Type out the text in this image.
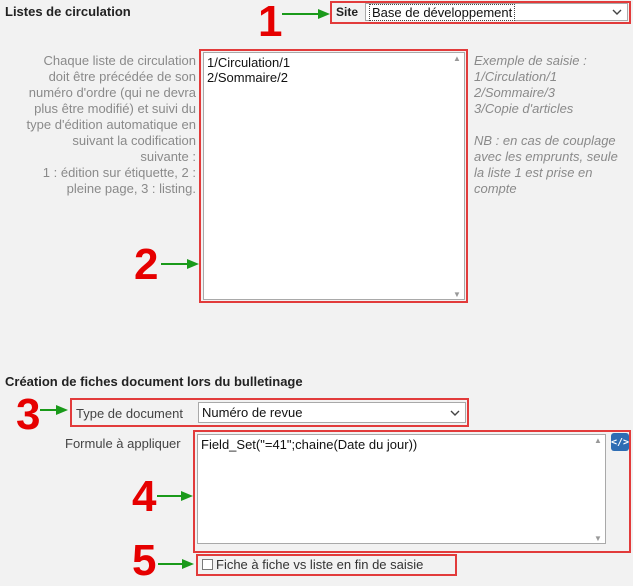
Listes de circulation	1	Site Base de développement
Chaque liste de circulation
doit être précédée de son
numéro d'ordre (qui ne devra
plus être modifié) et suivi du
type d'édition automatique en
suivant la codification
suivante :
1 : édition sur étiquette, 2 :
pleine page, 3 : listing.
1/Circulation/1
2/Sommaire/2
▲
▼
Exemple de saisie :
1/Circulation/1
2/Sommaire/3
3/Copie d'articles
NB : en cas de couplage
avec les emprunts, seule
la liste 1 est prise en
compte
2
Création de fiches document lors du bulletinage
3	Type de document Numéro de revue
Formule à appliquer Field_Set("=41";chaine(Date du jour))	▲
▼
</>
4
5	Fiche à fiche vs liste en fin de saisie
